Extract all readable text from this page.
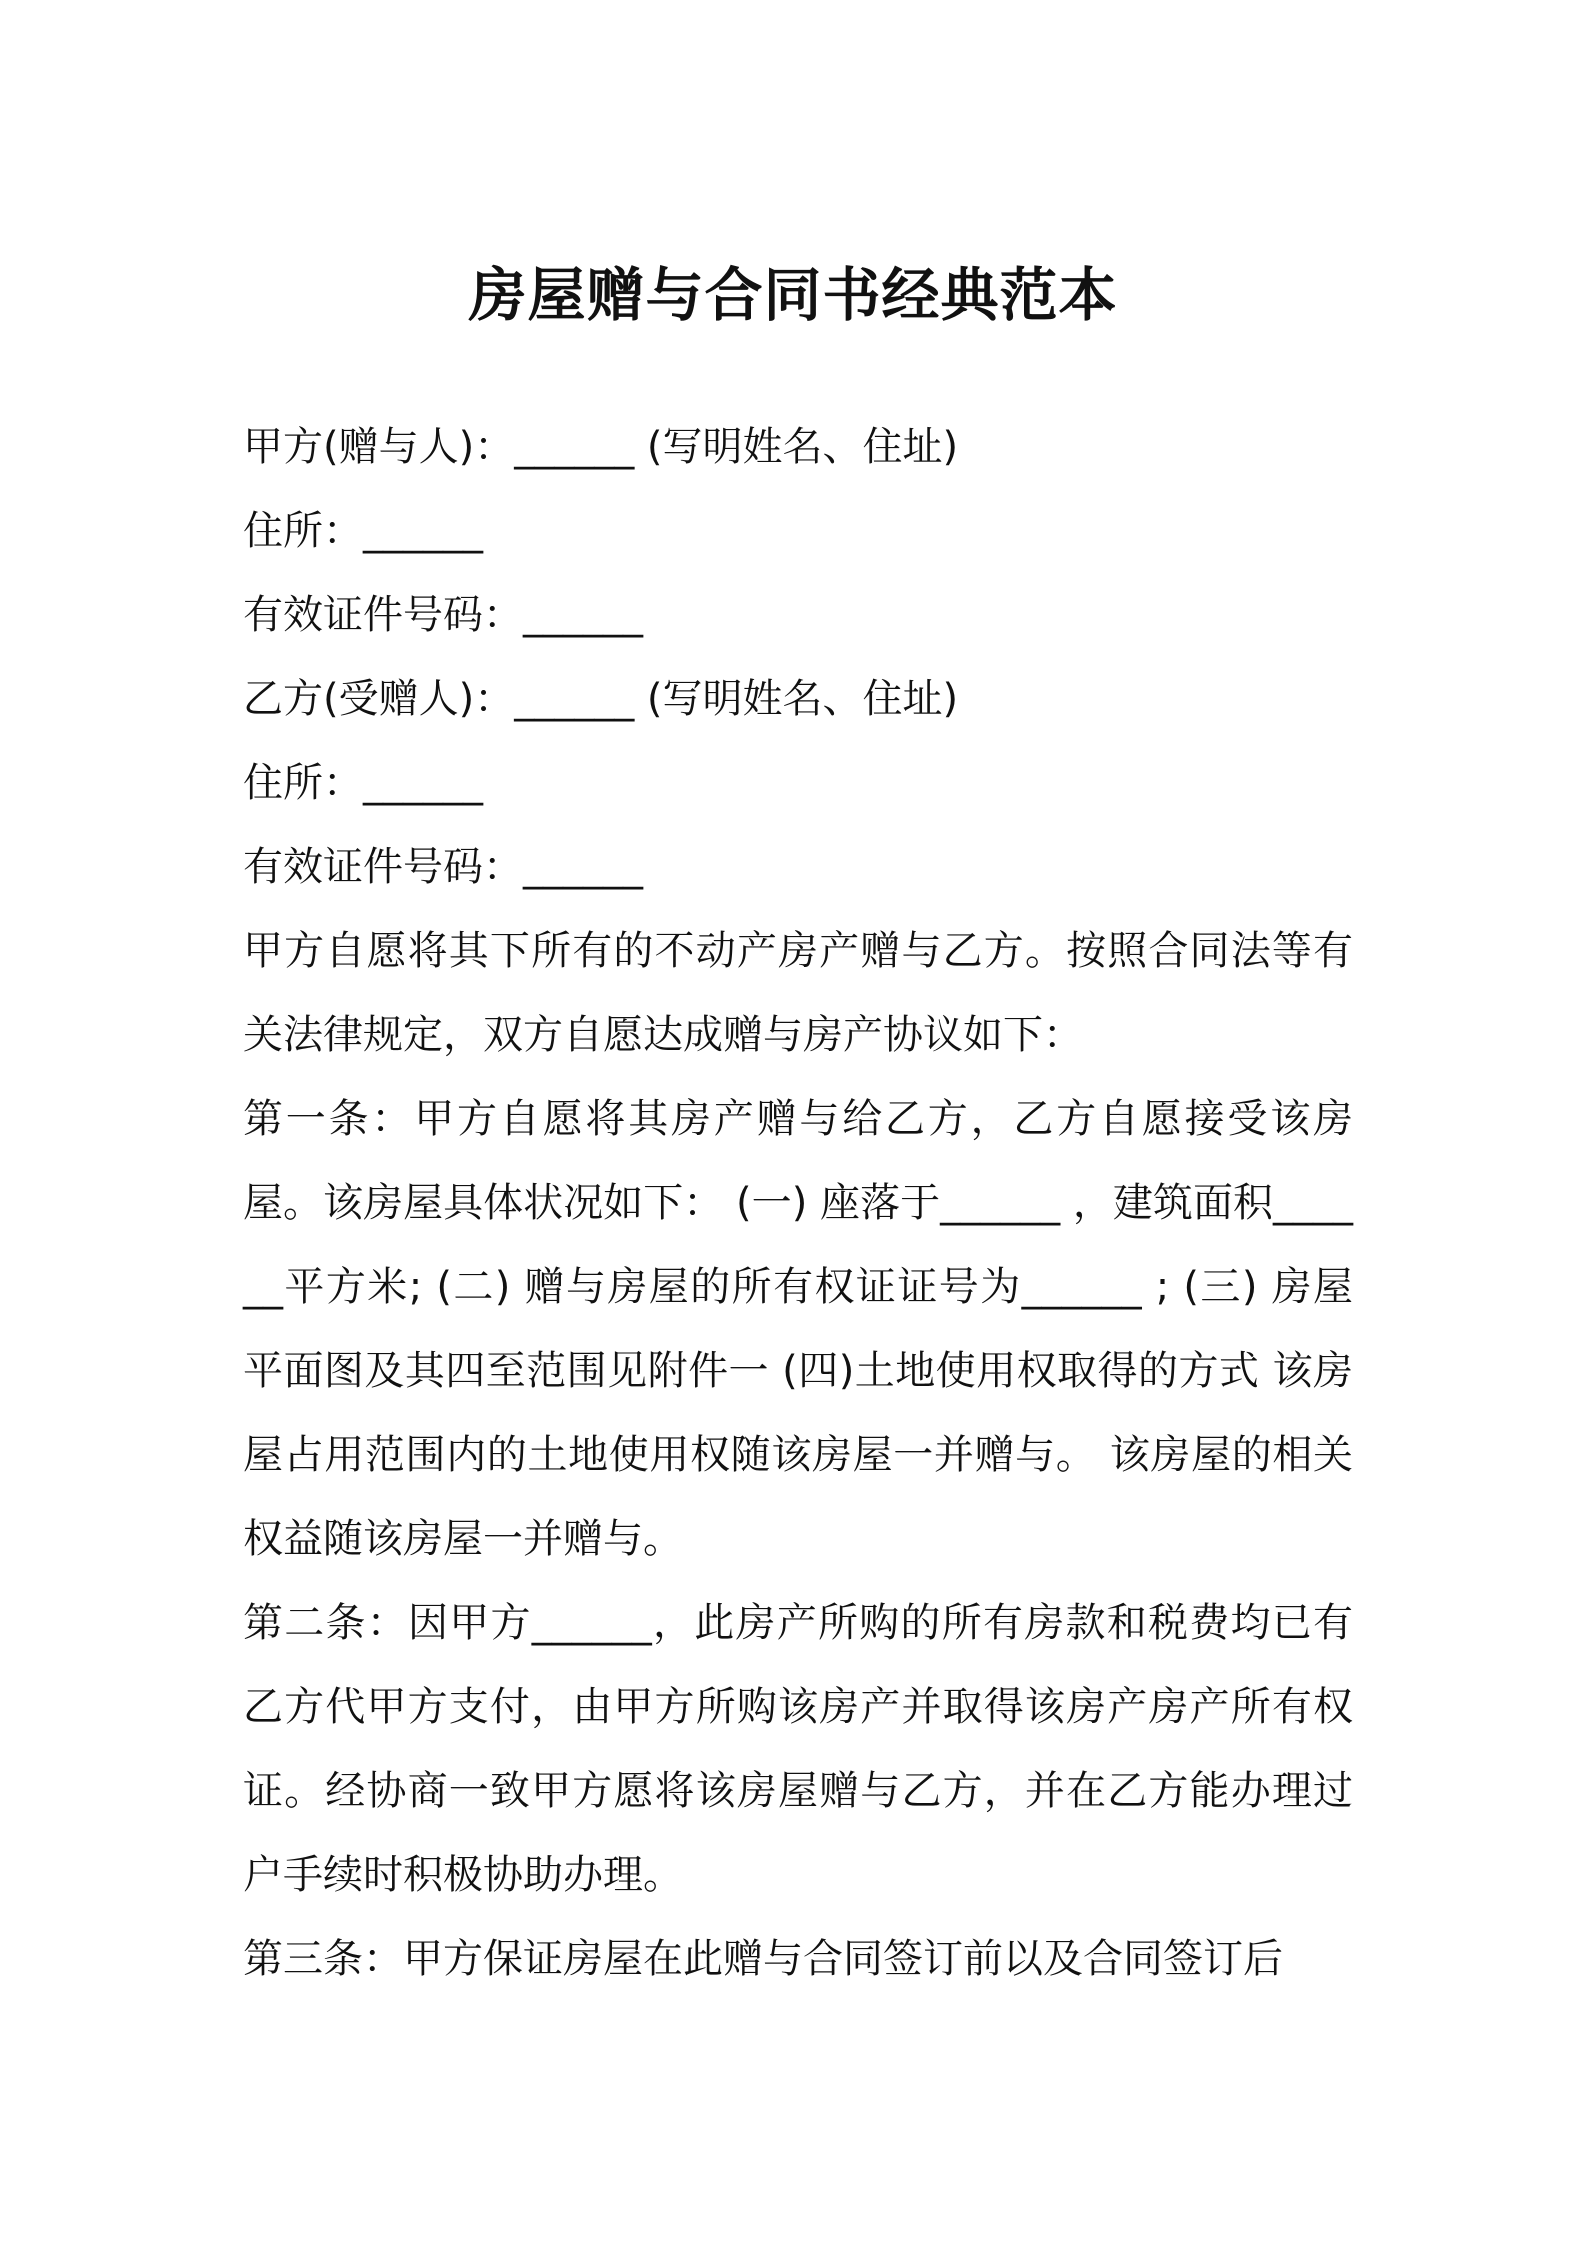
房屋赠与合同书经典范本

甲方(赠与人)：______ (写明姓名、住址)

住所：______

有效证件号码：______

乙方(受赠人)：______ (写明姓名、住址)

住所：______

有效证件号码：______

甲方自愿将其下所有的不动产房产赠与乙方。按照合同法等有关法律规定，双方自愿达成赠与房产协议如下：

第一条：甲方自愿将其房产赠与给乙方，乙方自愿接受该房屋。该房屋具体状况如下： (一) 座落于______ ，建筑面积______平方米; (二) 赠与房屋的所有权证证号为______ ; (三) 房屋平面图及其四至范围见附件一 (四)土地使用权取得的方式 该房屋占用范围内的土地使用权随该房屋一并赠与。 该房屋的相关权益随该房屋一并赠与。

第二条：因甲方______，此房产所购的所有房款和税费均已有乙方代甲方支付，由甲方所购该房产并取得该房产房产所有权证。经协商一致甲方愿将该房屋赠与乙方，并在乙方能办理过户手续时积极协助办理。

第三条：甲方保证房屋在此赠与合同签订前以及合同签订后
